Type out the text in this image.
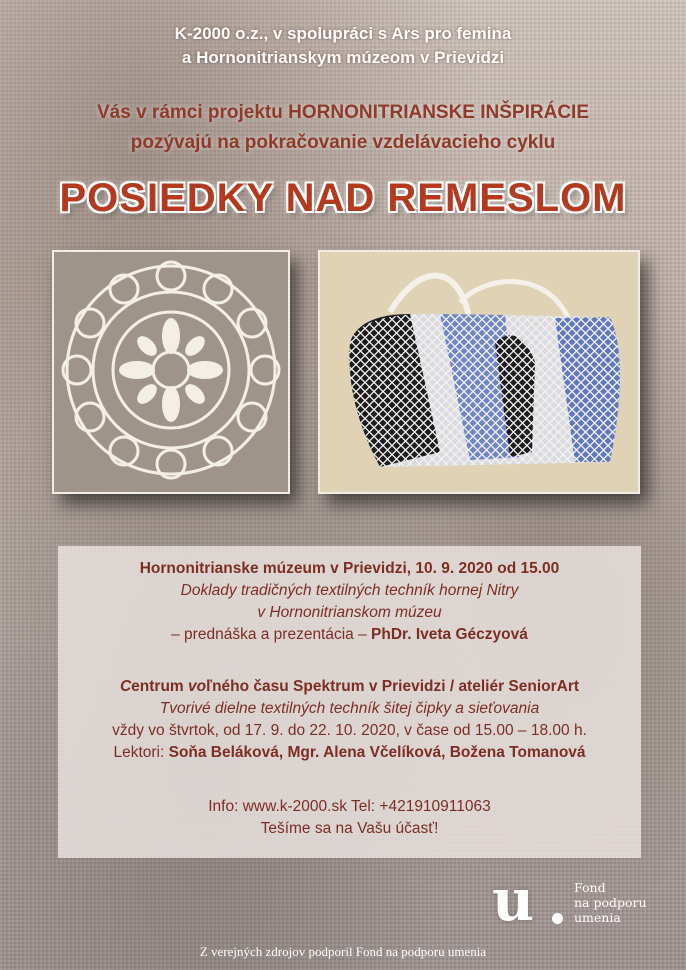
K-2000 o.z., v spolupráci s Ars pro femina
a Hornonitrianskym múzeom v Prievidzi
Vás v rámci projektu HORNONITRIANSKE INŠPIRÁCIE
pozývajú na pokračovanie vzdelávacieho cyklu
POSIEDKY NAD REMESLOM
Hornonitrianske múzeum v Prievidzi, 10. 9. 2020 od 15.00
Doklady tradičných textilných techník hornej Nitry
v Hornonitrianskom múzeu
– prednáška a prezentácia – PhDr. Iveta Géczyová
Centrum voľného času Spektrum v Prievidzi / ateliér SeniorArt
Tvorivé dielne textilných techník šitej čipky a sieťovania
vždy vo štvrtok, od 17. 9. do 22. 10. 2020, v čase od 15.00 – 18.00 h.
Lektori: Soňa Beláková, Mgr. Alena Včelíková, Božena Tomanová
Info: www.k-2000.sk Tel: +421910911063
Tešíme sa na Vašu účasť!
u	Fond
na podporu
umenia
Z verejných zdrojov podporil Fond na podporu umenia
